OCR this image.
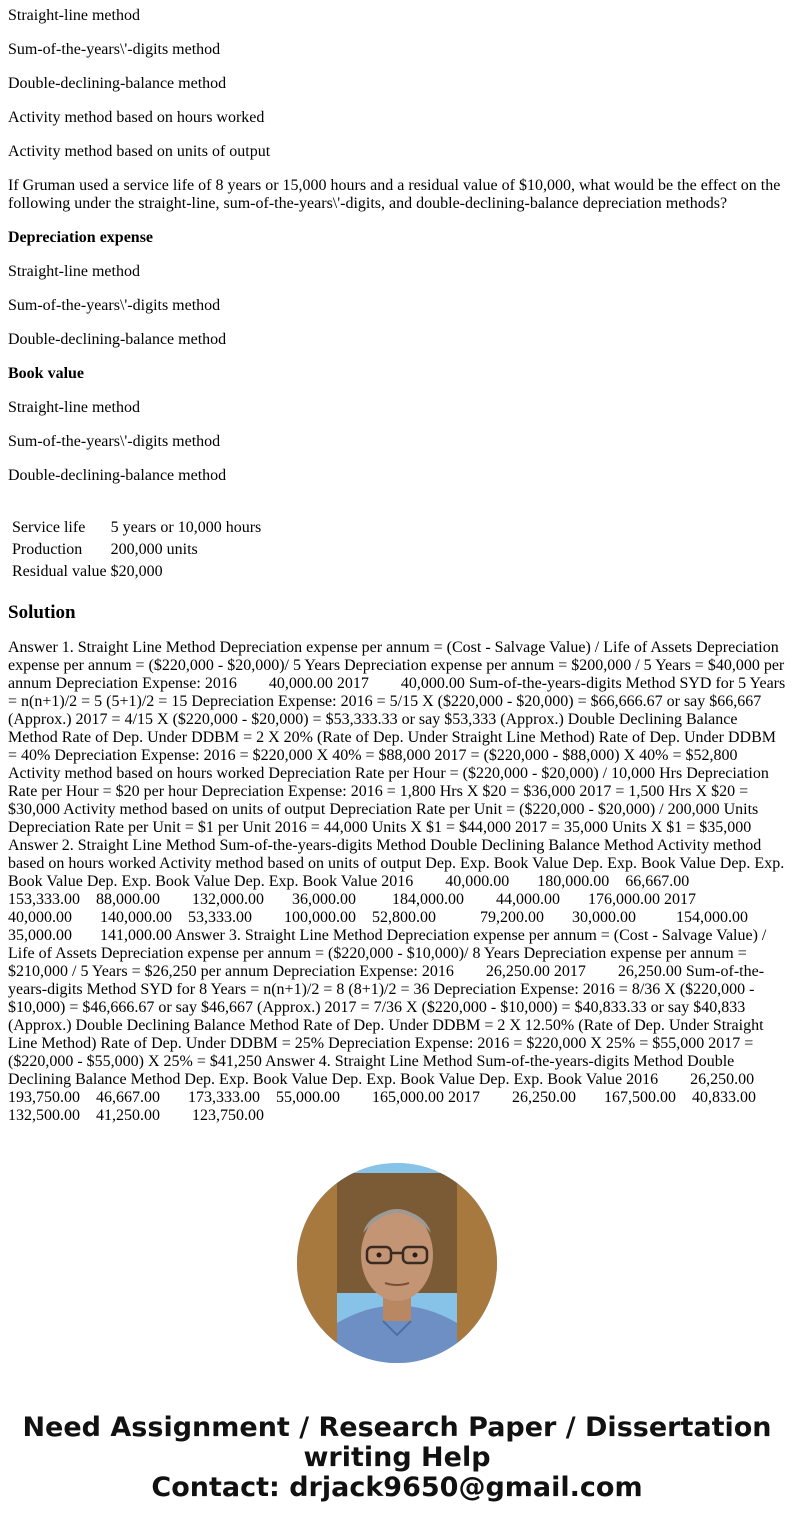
Straight-line method

Sum-of-the-years\'-digits method

Double-declining-balance method

Activity method based on hours worked

Activity method based on units of output

If Gruman used a service life of 8 years or 15,000 hours and a residual value of $10,000, what would be the effect on the following under the straight-line, sum-of-the-years\'-digits, and double-declining-balance depreciation methods?

Depreciation expense

Straight-line method

Sum-of-the-years\'-digits method

Double-declining-balance method

Book value

Straight-line method

Sum-of-the-years\'-digits method

Double-declining-balance method

Service life	5 years or 10,000 hours
Production	200,000 units
Residual value	$20,000
Solution

Answer 1. Straight Line Method Depreciation expense per annum = (Cost - Salvage Value) / Life of Assets Depreciation expense per annum = ($220,000 - $20,000)/ 5 Years Depreciation expense per annum = $200,000 / 5 Years = $40,000 per annum Depreciation Expense: 2016        40,000.00 2017        40,000.00 Sum-of-the-years-digits Method SYD for 5 Years = n(n+1)/2 = 5 (5+1)/2 = 15 Depreciation Expense: 2016 = 5/15 X ($220,000 - $20,000) = $66,666.67 or say $66,667 (Approx.) 2017 = 4/15 X ($220,000 - $20,000) = $53,333.33 or say $53,333 (Approx.) Double Declining Balance Method Rate of Dep. Under DDBM = 2 X 20% (Rate of Dep. Under Straight Line Method) Rate of Dep. Under DDBM = 40% Depreciation Expense: 2016 = $220,000 X 40% = $88,000 2017 = ($220,000 - $88,000) X 40% = $52,800 Activity method based on hours worked Depreciation Rate per Hour = ($220,000 - $20,000) / 10,000 Hrs Depreciation Rate per Hour = $20 per hour Depreciation Expense: 2016 = 1,800 Hrs X $20 = $36,000 2017 = 1,500 Hrs X $20 = $30,000 Activity method based on units of output Depreciation Rate per Unit = ($220,000 - $20,000) / 200,000 Units Depreciation Rate per Unit = $1 per Unit 2016 = 44,000 Units X $1 = $44,000 2017 = 35,000 Units X $1 = $35,000 Answer 2. Straight Line Method Sum-of-the-years-digits Method Double Declining Balance Method Activity method based on hours worked Activity method based on units of output Dep. Exp. Book Value Dep. Exp. Book Value Dep. Exp. Book Value Dep. Exp. Book Value Dep. Exp. Book Value 2016        40,000.00       180,000.00    66,667.00       153,333.00    88,000.00        132,000.00       36,000.00         184,000.00        44,000.00       176,000.00 2017        40,000.00       140,000.00    53,333.00        100,000.00    52,800.00           79,200.00       30,000.00          154,000.00        35,000.00       141,000.00 Answer 3. Straight Line Method Depreciation expense per annum = (Cost - Salvage Value) / Life of Assets Depreciation expense per annum = ($220,000 - $10,000)/ 8 Years Depreciation expense per annum = $210,000 / 5 Years = $26,250 per annum Depreciation Expense: 2016        26,250.00 2017        26,250.00 Sum-of-the-years-digits Method SYD for 8 Years = n(n+1)/2 = 8 (8+1)/2 = 36 Depreciation Expense: 2016 = 8/36 X ($220,000 - $10,000) = $46,666.67 or say $46,667 (Approx.) 2017 = 7/36 X ($220,000 - $10,000) = $40,833.33 or say $40,833 (Approx.) Double Declining Balance Method Rate of Dep. Under DDBM = 2 X 12.50% (Rate of Dep. Under Straight Line Method) Rate of Dep. Under DDBM = 25% Depreciation Expense: 2016 = $220,000 X 25% = $55,000 2017 = ($220,000 - $55,000) X 25% = $41,250 Answer 4. Straight Line Method Sum-of-the-years-digits Method Double Declining Balance Method Dep. Exp. Book Value Dep. Exp. Book Value Dep. Exp. Book Value 2016        26,250.00       193,750.00    46,667.00       173,333.00    55,000.00        165,000.00 2017        26,250.00       167,500.00    40,833.00       132,500.00    41,250.00        123,750.00

Need Assignment / Research Paper / Dissertation
writing Help
Contact: drjack9650@gmail.com
